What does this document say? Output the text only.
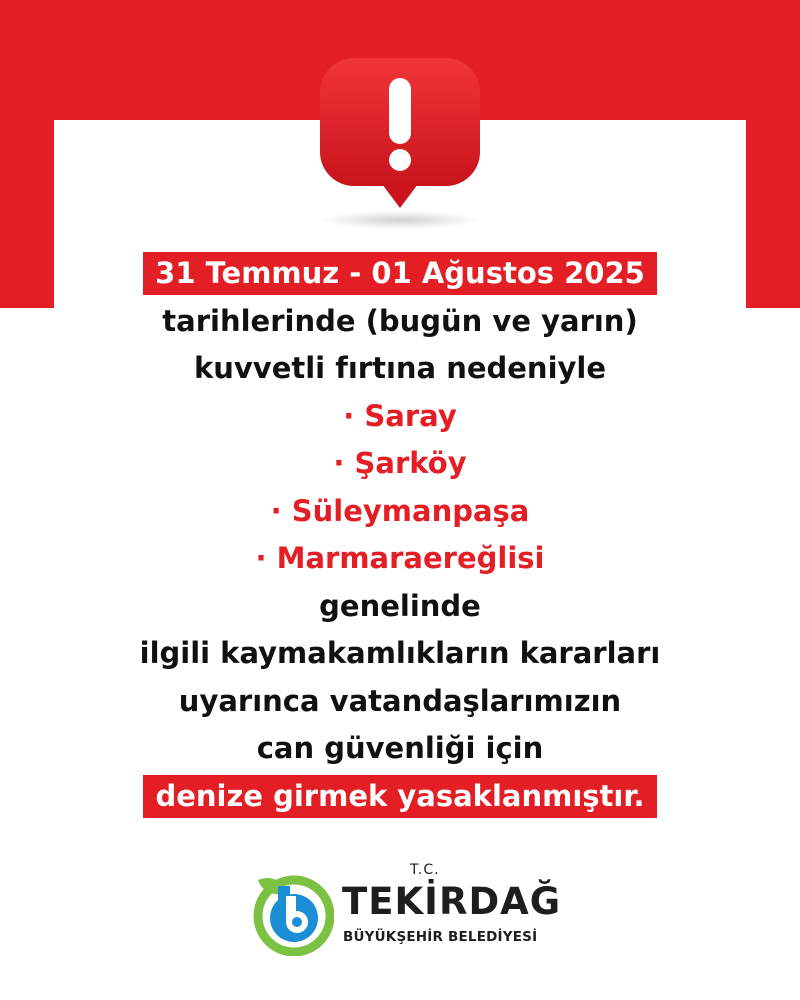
31 Temmuz - 01 Ağustos 2025
tarihlerinde (bugün ve yarın)
kuvvetli fırtına nedeniyle
· Saray
· Şarköy
· Süleymanpaşa
· Marmaraereğlisi
genelinde
ilgili kaymakamlıkların kararları
uyarınca vatandaşlarımızın
can güvenliği için
denize girmek yasaklanmıştır.
T.C.
TEKİRDAĞ
BÜYÜKŞEHİR BELEDİYESİ
